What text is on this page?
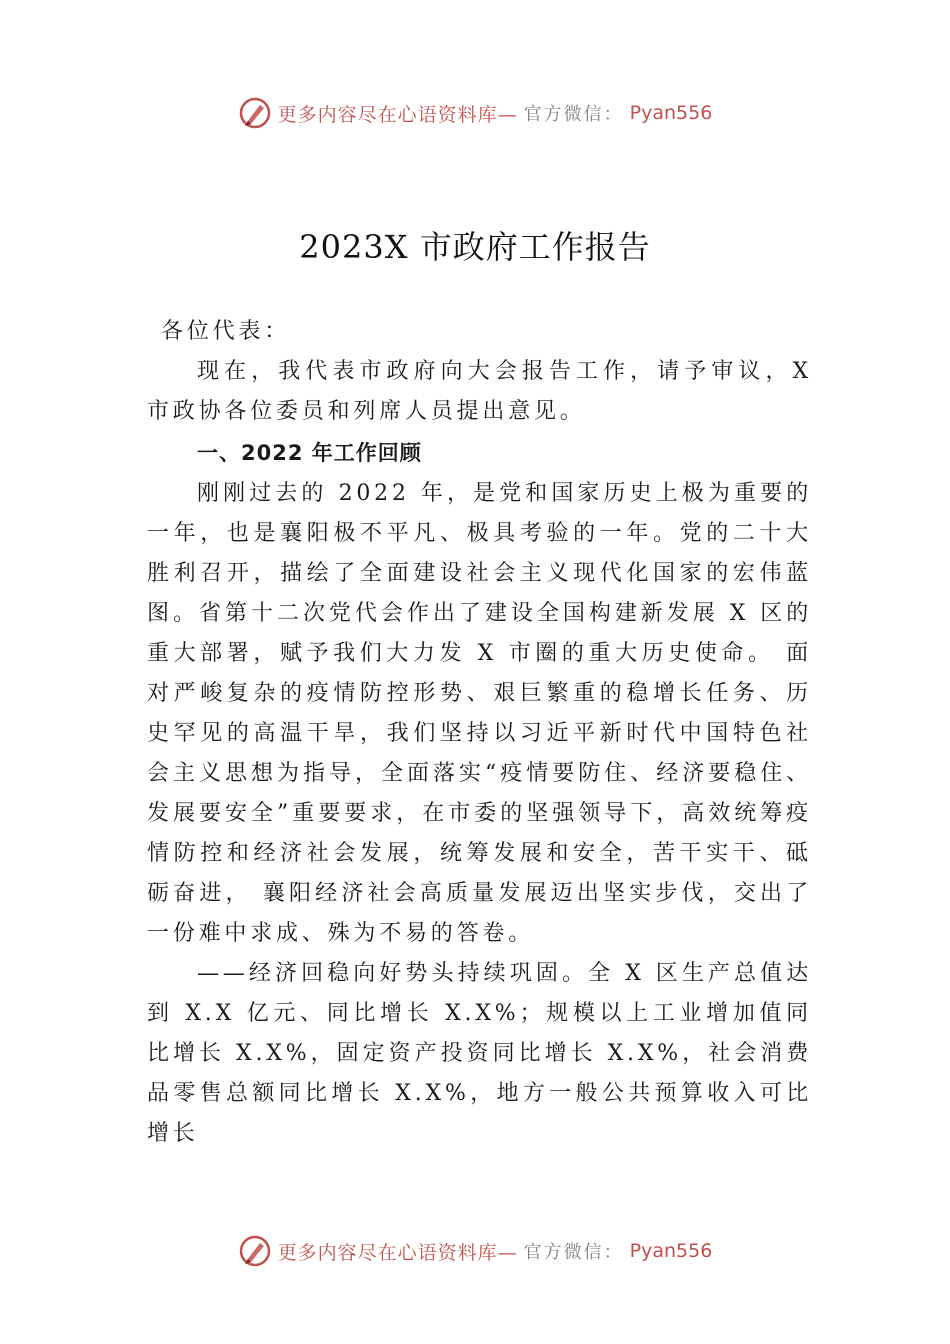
更多内容尽在心语资料库— 官方微信： Pyan556
2023X 市政府工作报告

各位代表：

现在，我代表市政府向大会报告工作，请予审议，X 市政协各位委员和列席人员提出意见。

一、2022 年工作回顾

刚刚过去的 2022 年，是党和国家历史上极为重要的一年，也是襄阳极不平凡、极具考验的一年。党的二十大胜利召开，描绘了全面建设社会主义现代化国家的宏伟蓝图。省第十二次党代会作出了建设全国构建新发展 X 区的重大部署，赋予我们大力发 X 市圈的重大历史使命。 面对严峻复杂的疫情防控形势、艰巨繁重的稳增长任务、历史罕见的高温干旱，我们坚持以习近平新时代中国特色社会主义思想为指导，全面落实“疫情要防住、经济要稳住、发展要安全”重要要求，在市委的坚强领导下，高效统筹疫情防控和经济社会发展，统筹发展和安全，苦干实干、砥砺奋进， 襄阳经济社会高质量发展迈出坚实步伐，交出了一份难中求成、殊为不易的答卷。

——经济回稳向好势头持续巩固。全 X 区生产总值达到 X.X 亿元、同比增长 X.X%；规模以上工业增加值同比增长 X.X%，固定资产投资同比增长 X.X%，社会消费品零售总额同比增长 X.X%，地方一般公共预算收入可比增长

更多内容尽在心语资料库— 官方微信： Pyan556
